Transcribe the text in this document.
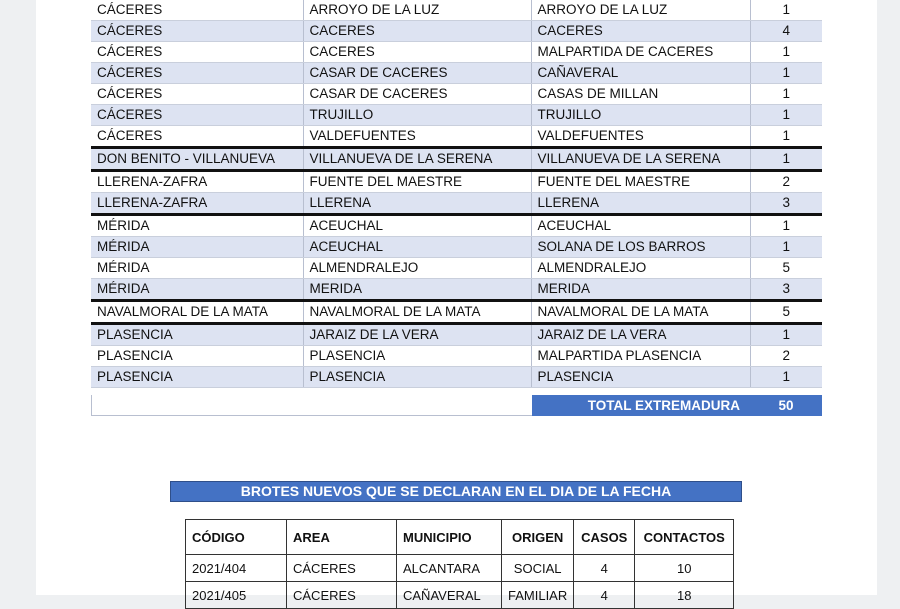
CÁCERES	ARROYO DE LA LUZ	ARROYO DE LA LUZ	1
CÁCERES	CACERES	CACERES	4
CÁCERES	CACERES	MALPARTIDA DE CACERES	1
CÁCERES	CASAR DE CACERES	CAÑAVERAL	1
CÁCERES	CASAR DE CACERES	CASAS DE MILLAN	1
CÁCERES	TRUJILLO	TRUJILLO	1
CÁCERES	VALDEFUENTES	VALDEFUENTES	1
DON BENITO - VILLANUEVA	VILLANUEVA DE LA SERENA	VILLANUEVA DE LA SERENA	1
LLERENA-ZAFRA	FUENTE DEL MAESTRE	FUENTE DEL MAESTRE	2
LLERENA-ZAFRA	LLERENA	LLERENA	3
MÉRIDA	ACEUCHAL	ACEUCHAL	1
MÉRIDA	ACEUCHAL	SOLANA DE LOS BARROS	1
MÉRIDA	ALMENDRALEJO	ALMENDRALEJO	5
MÉRIDA	MERIDA	MERIDA	3
NAVALMORAL DE LA MATA	NAVALMORAL DE LA MATA	NAVALMORAL DE LA MATA	5
PLASENCIA	JARAIZ DE LA VERA	JARAIZ DE LA VERA	1
PLASENCIA	PLASENCIA	MALPARTIDA PLASENCIA	2
PLASENCIA	PLASENCIA	PLASENCIA	1
TOTAL EXTREMADURA	50
BROTES NUEVOS QUE SE DECLARAN EN EL DIA DE LA FECHA
CÓDIGO	AREA	MUNICIPIO	ORIGEN	CASOS	CONTACTOS
2021/404	CÁCERES	ALCANTARA	SOCIAL	4	10
2021/405	CÁCERES	CAÑAVERAL	FAMILIAR	4	18
